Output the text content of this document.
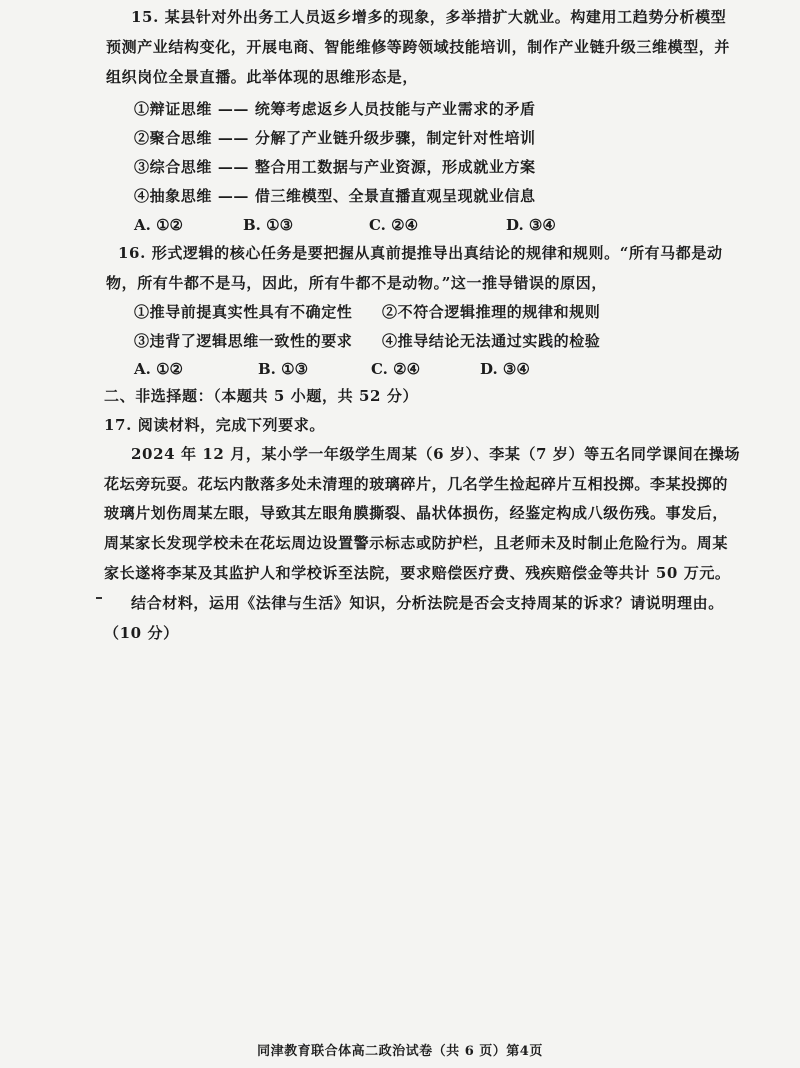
15. 某县针对外出务工人员返乡增多的现象，多举措扩大就业。构建用工趋势分析模型
预测产业结构变化，开展电商、智能维修等跨领域技能培训，制作产业链升级三维模型，并
组织岗位全景直播。此举体现的思维形态是，
①辩证思维 —— 统筹考虑返乡人员技能与产业需求的矛盾
②聚合思维 —— 分解了产业链升级步骤，制定针对性培训
③综合思维 —— 整合用工数据与产业资源，形成就业方案
④抽象思维 —— 借三维模型、全景直播直观呈现就业信息
A. ①②	B. ①③	C. ②④	D. ③④
16. 形式逻辑的核心任务是要把握从真前提推导出真结论的规律和规则。“所有马都是动
物，所有牛都不是马，因此，所有牛都不是动物。”这一推导错误的原因，
①推导前提真实性具有不确定性 ②不符合逻辑推理的规律和规则
③违背了逻辑思维一致性的要求 ④推导结论无法通过实践的检验
A. ①②	B. ①③	C. ②④	D. ③④
二、非选择题：（本题共 5 小题，共 52 分）
17. 阅读材料，完成下列要求。
2024 年 12 月，某小学一年级学生周某（6 岁）、李某（7 岁）等五名同学课间在操场
花坛旁玩耍。花坛内散落多处未清理的玻璃碎片，几名学生捡起碎片互相投掷。李某投掷的
玻璃片划伤周某左眼，导致其左眼角膜撕裂、晶状体损伤，经鉴定构成八级伤残。事发后，
周某家长发现学校未在花坛周边设置警示标志或防护栏，且老师未及时制止危险行为。周某
家长遂将李某及其监护人和学校诉至法院，要求赔偿医疗费、残疾赔偿金等共计 50 万元。
结合材料，运用《法律与生活》知识，分析法院是否会支持周某的诉求？请说明理由。
（10 分）
同津教育联合体高二政治试卷（共 6 页）第4页
